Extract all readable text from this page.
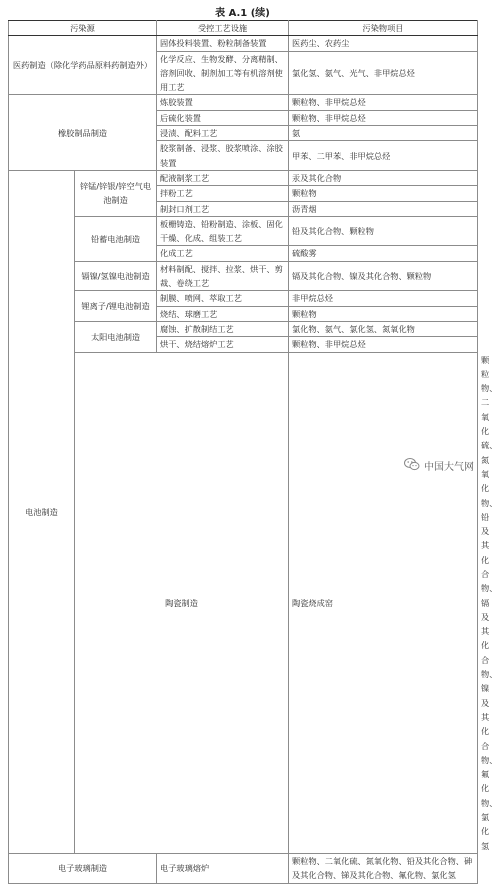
表 A.1 (续)
污染源		受控工艺设施	污染物项目	
医药制造（除化学药品原料药制造外）		固体投料装置、粉粒制备装置	医药尘、农药尘	
		化学反应、生物发酵、分离精制、溶剂回收、制剂加工等有机溶剂使用工艺	氯化氢、氨气、光气、非甲烷总烃	
橡胶制品制造		炼胶装置	颗粒物、非甲烷总烃	
		后硫化装置	颗粒物、非甲烷总烃	
		浸渍、配料工艺	氨	
		胶浆制备、浸浆、胶浆喷涂、涂胶装置	甲苯、二甲苯、非甲烷总烃	
电池制造	锌锰/锌银/锌空气电池制造	配液制浆工艺	汞及其化合物	
		拌粉工艺	颗粒物	
		制封口剂工艺	沥青烟	
	铅蓄电池制造	板栅铸造、铅粉制造、涂板、固化干燥、化成、组装工艺	铅及其化合物、颗粒物	
		化成工艺	硫酸雾	
	镉镍/氢镍电池制造	材料制配、搅拌、拉浆、烘干、剪裁、卷绕工艺	镉及其化合物、镍及其化合物、颗粒物	
	锂离子/锂电池制造	制膜、喷网、萃取工艺	非甲烷总烃	
		烧结、球磨工艺	颗粒物	
	太阳电池制造	腐蚀、扩散制结工艺	氯化物、氨气、氯化氢、氮氧化物	
		烘干、烧结熔炉工艺	颗粒物、非甲烷总烃	
	陶瓷制造		陶瓷烧成窑	颗粒物、二氧化硫、氮氧化物、铅及其化合物、镉及其化合物、镍及其化合物、氟化物、氯化氢
电子玻璃制造		电子玻璃熔炉	颗粒物、二氧化硫、氮氧化物、铅及其化合物、砷及其化合物、锑及其化合物、氟化物、氯化氢	
中国大气网
